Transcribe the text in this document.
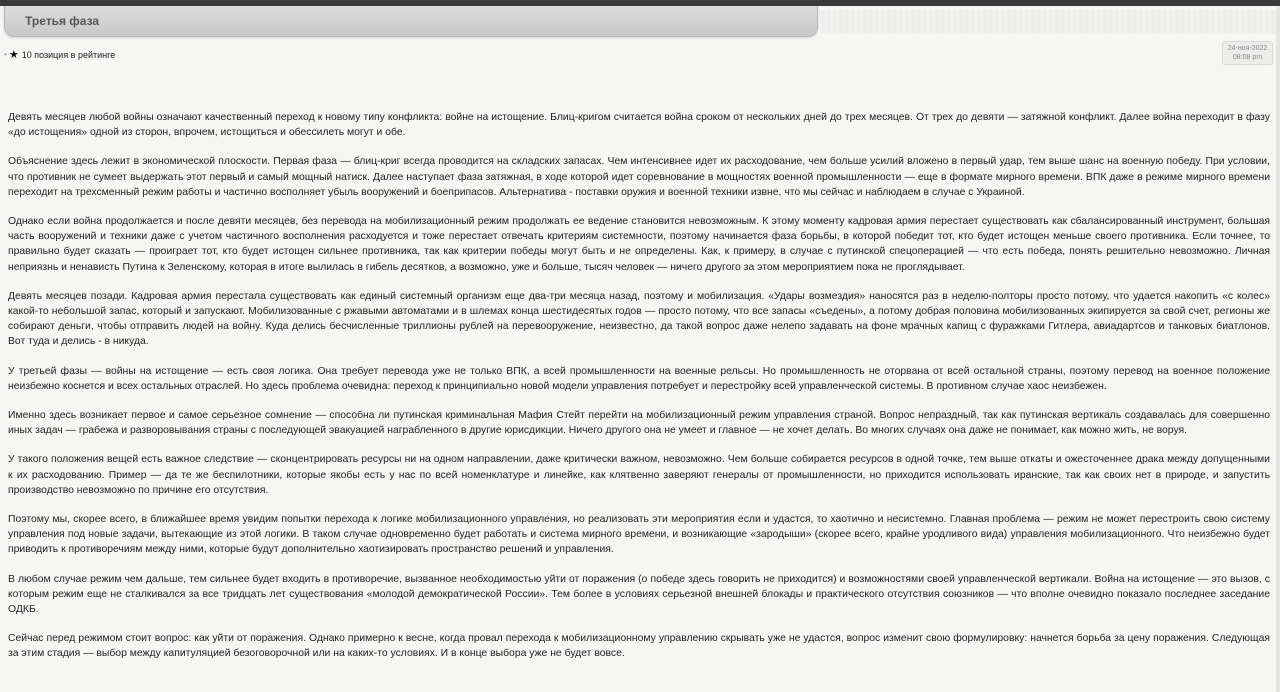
Третья фаза
• ★ 10 позиция в рейтинге
24-ноя-2022
08:08 pm

Девять месяцев любой войны означают качественный переход к новому типу конфликта: войне на истощение. Блиц-кригом считается война сроком от нескольких дней до трех месяцев. От трех до девяти — затяжной конфликт. Далее война переходит в фазу «до истощения» одной из сторон, впрочем, истощиться и обессилеть могут и обе.

Объяснение здесь лежит в экономической плоскости. Первая фаза — блиц-криг всегда проводится на складских запасах. Чем интенсивнее идет их расходование, чем больше усилий вложено в первый удар, тем выше шанс на военную победу. При условии, что противник не сумеет выдержать этот первый и самый мощный натиск. Далее наступает фаза затяжная, в ходе которой идет соревнование в мощностях военной промышленности — еще в формате мирного времени. ВПК даже в режиме мирного времени переходит на трехсменный режим работы и частично восполняет убыль вооружений и боеприпасов. Альтернатива - поставки оружия и военной техники извне, что мы сейчас и наблюдаем в случае с Украиной.

Однако если война продолжается и после девяти месяцев, без перевода на мобилизационный режим продолжать ее ведение становится невозможным. К этому моменту кадровая армия перестает существовать как сбалансированный инструмент, большая часть вооружений и техники даже с учетом частичного восполнения расходуется и тоже перестает отвечать критериям системности, поэтому начинается фаза борьбы, в которой победит тот, кто будет истощен меньше своего противника. Если точнее, то правильно будет сказать — проиграет тот, кто будет истощен сильнее противника, так как критерии победы могут быть и не определены. Как, к примеру, в случае с путинской спецоперацией — что есть победа, понять решительно невозможно. Личная неприязнь и ненависть Путина к Зеленскому, которая в итоге вылилась в гибель десятков, а возможно, уже и больше, тысяч человек — ничего другого за этом мероприятием пока не проглядывает.

Девять месяцев позади. Кадровая армия перестала существовать как единый системный организм еще два-три месяца назад, поэтому и мобилизация. «Удары возмездия» наносятся раз в неделю-полторы просто потому, что удается накопить «с колес» какой-то небольшой запас, который и запускают. Мобилизованные с ржавыми автоматами и в шлемах конца шестидесятых годов — просто потому, что все запасы «съедены», а потому добрая половина мобилизованных экипируется за свой счет, регионы же собирают деньги, чтобы отправить людей на войну. Куда делись бесчисленные триллионы рублей на перевооружение, неизвестно, да такой вопрос даже нелепо задавать на фоне мрачных капищ с фуражками Гитлера, авиадартсов и танковых биатлонов. Вот туда и делись - в никуда.

У третьей фазы — войны на истощение — есть своя логика. Она требует перевода уже не только ВПК, а всей промышленности на военные рельсы. Но промышленность не оторвана от всей остальной страны, поэтому перевод на военное положение неизбежно коснется и всех остальных отраслей. Но здесь проблема очевидна: переход к принципиально новой модели управления потребует и перестройку всей управленческой системы. В противном случае хаос неизбежен.

Именно здесь возникает первое и самое серьезное сомнение — способна ли путинская криминальная Мафия Стейт перейти на мобилизационный режим управления страной. Вопрос непраздный, так как путинская вертикаль создавалась для совершенно иных задач — грабежа и разворовывания страны с последующей эвакуацией награбленного в другие юрисдикции. Ничего другого она не умеет и главное — не хочет делать. Во многих случаях она даже не понимает, как можно жить, не воруя.

У такого положения вещей есть важное следствие — сконцентрировать ресурсы ни на одном направлении, даже критически важном, невозможно. Чем больше собирается ресурсов в одной точке, тем выше откаты и ожесточеннее драка между допущенными к их расходованию. Пример — да те же беспилотники, которые якобы есть у нас по всей номенклатуре и линейке, как клятвенно заверяют генералы от промышленности, но приходится использовать иранские, так как своих нет в природе, и запустить производство невозможно по причине его отсутствия.

Поэтому мы, скорее всего, в ближайшее время увидим попытки перехода к логике мобилизационного управления, но реализовать эти мероприятия если и удастся, то хаотично и несистемно. Главная проблема — режим не может перестроить свою систему управления под новые задачи, вытекающие из этой логики. В таком случае одновременно будет работать и система мирного времени, и возникающие «зародыши» (скорее всего, крайне уродливого вида) управления мобилизационного. Что неизбежно будет приводить к противоречиям между ними, которые будут дополнительно хаотизировать пространство решений и управления.

В любом случае режим чем дальше, тем сильнее будет входить в противоречие, вызванное необходимостью уйти от поражения (о победе здесь говорить не приходится) и возможностями своей управленческой вертикали. Война на истощение — это вызов, с которым режим еще не сталкивался за все тридцать лет существования «молодой демократической России». Тем более в условиях серьезной внешней блокады и практического отсутствия союзников — что вполне очевидно показало последнее заседание ОДКБ.

Сейчас перед режимом стоит вопрос: как уйти от поражения. Однако примерно к весне, когда провал перехода к мобилизационному управлению скрывать уже не удастся, вопрос изменит свою формулировку: начнется борьба за цену поражения. Следующая за этим стадия — выбор между капитуляцией безоговорочной или на каких-то условиях. И в конце выбора уже не будет вовсе.
